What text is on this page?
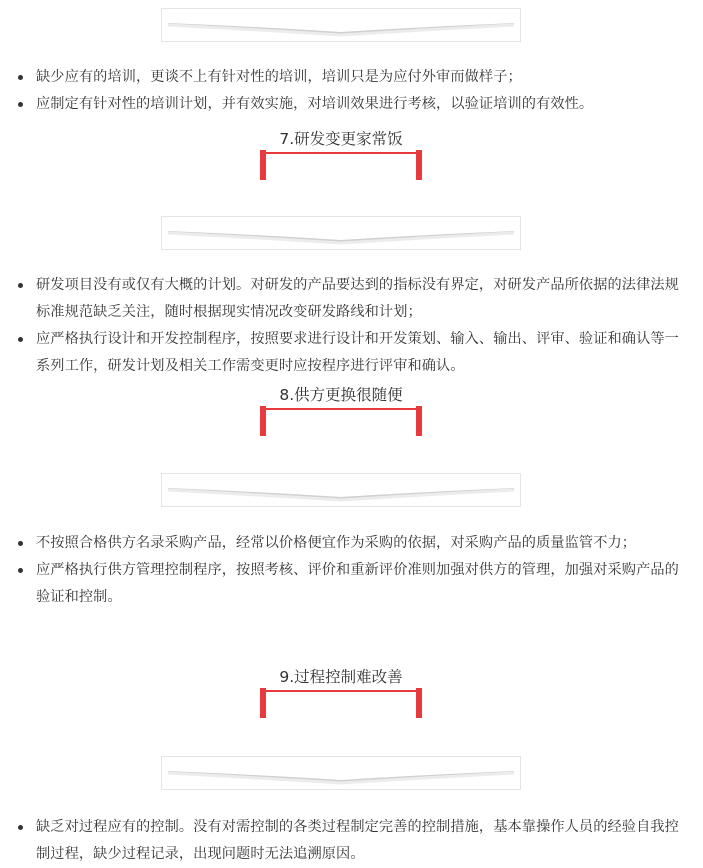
缺少应有的培训，更谈不上有针对性的培训，培训只是为应付外审而做样子；
应制定有针对性的培训计划，并有效实施，对培训效果进行考核，以验证培训的有效性。
7.研发变更家常饭
研发项目没有或仅有大概的计划。对研发的产品要达到的指标没有界定，对研发产品所依据的法律法规标准规范缺乏关注，随时根据现实情况改变研发路线和计划；
应严格执行设计和开发控制程序，按照要求进行设计和开发策划、输入、输出、评审、验证和确认等一系列工作，研发计划及相关工作需变更时应按程序进行评审和确认。
8.供方更换很随便
不按照合格供方名录采购产品，经常以价格便宜作为采购的依据，对采购产品的质量监管不力；
应严格执行供方管理控制程序，按照考核、评价和重新评价准则加强对供方的管理，加强对采购产品的验证和控制。
9.过程控制难改善
缺乏对过程应有的控制。没有对需控制的各类过程制定完善的控制措施，基本靠操作人员的经验自我控制过程，缺少过程记录，出现问题时无法追溯原因。
